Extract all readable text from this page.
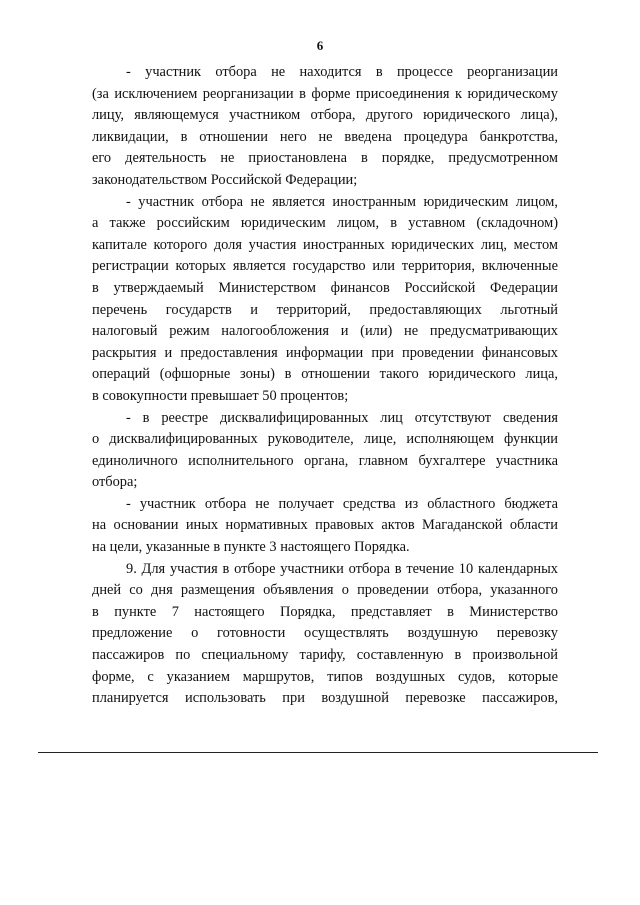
6
- участник отбора не находится в процессе реорганизации
(за исключением реорганизации в форме присоединения к юридическому
лицу, являющемуся участником отбора, другого юридического лица),
ликвидации, в отношении него не введена процедура банкротства,
его деятельность не приостановлена в порядке, предусмотренном
законодательством Российской Федерации;
- участник отбора не является иностранным юридическим лицом,
а также российским юридическим лицом, в уставном (складочном)
капитале которого доля участия иностранных юридических лиц, местом
регистрации которых является государство или территория, включенные
в утверждаемый Министерством финансов Российской Федерации
перечень государств и территорий, предоставляющих льготный
налоговый режим налогообложения и (или) не предусматривающих
раскрытия и предоставления информации при проведении финансовых
операций (офшорные зоны) в отношении такого юридического лица,
в совокупности превышает 50 процентов;
- в реестре дисквалифицированных лиц отсутствуют сведения
о дисквалифицированных руководителе, лице, исполняющем функции
единоличного исполнительного органа, главном бухгалтере участника
отбора;
- участник отбора не получает средства из областного бюджета
на основании иных нормативных правовых актов Магаданской области
на цели, указанные в пункте 3 настоящего Порядка.
9. Для участия в отборе участники отбора в течение 10 календарных
дней со дня размещения объявления о проведении отбора, указанного
в пункте 7 настоящего Порядка, представляет в Министерство
предложение о готовности осуществлять воздушную перевозку
пассажиров по специальному тарифу, составленную в произвольной
форме, с указанием маршрутов, типов воздушных судов, которые
планируется использовать при воздушной перевозке пассажиров,
